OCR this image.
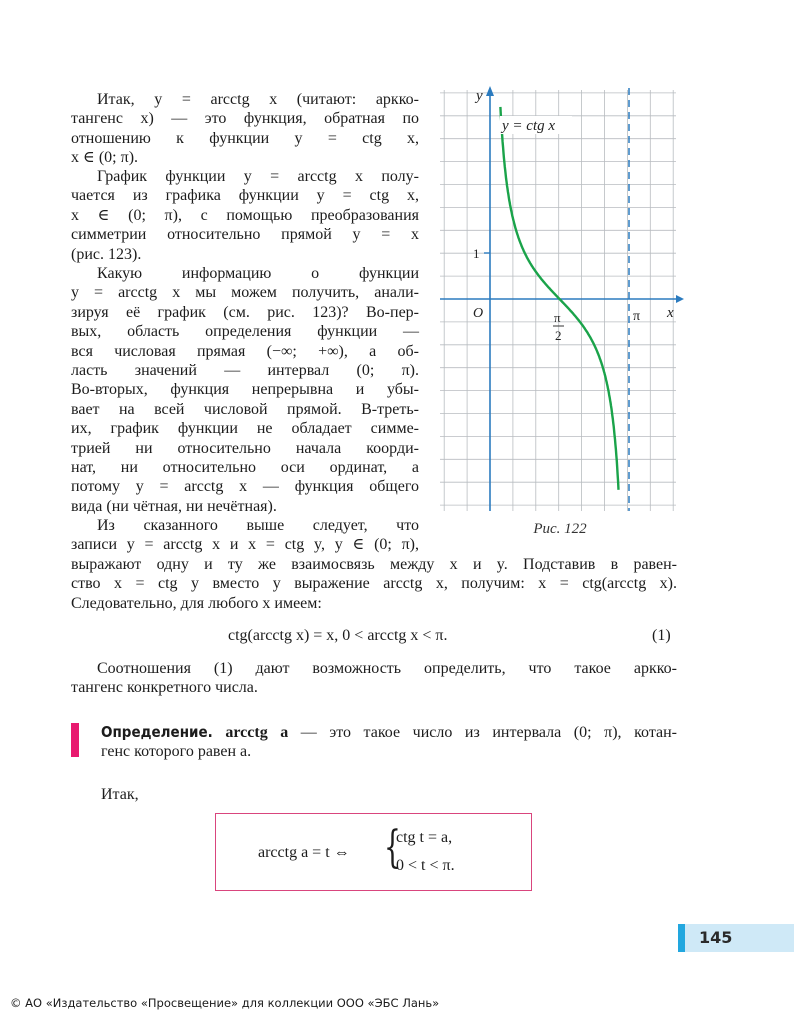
Итак, y = arcctg x (читают: аркко-
тангенс x) — это функция, обратная по
отношению к функции y = ctg x,
x ∈ (0; π).
График функции y = arcctg x полу-
чается из графика функции y = ctg x,
x ∈ (0; π), с помощью преобразования
симметрии относительно прямой y = x
(рис. 123).
Какую информацию о функции
y = arcctg x мы можем получить, анали-
зируя её график (см. рис. 123)? Во-пер-
вых, область определения функции —
вся числовая прямая (−∞; +∞), а об-
ласть значений — интервал (0; π).
Во-вторых, функция непрерывна и убы-
вает на всей числовой прямой. В-треть-
их, график функции не обладает симме-
трией ни относительно начала коорди-
нат, ни относительно оси ординат, а
потому y = arcctg x — функция общего
вида (ни чётная, ни нечётная).
Из сказанного выше следует, что
записи y = arcctg x и x = ctg y, y ∈ (0; π),
выражают одну и ту же взаимосвязь между x и y. Подставив в равен-
ство x = ctg y вместо y выражение arcctg x, получим: x = ctg(arcctg x).
Следовательно, для любого x имеем:
ctg(arcctg x) = x, 0 < arcctg x < π.	(1)
Соотношения (1) дают возможность определить, что такое аркко-
тангенс конкретного числа.
Определение. arcctg a — это такое число из интервала (0; π), котан-
генс которого равен a.
Итак,
arcctg a = t ⇔ {
ctg t = a,
0 < t < π.
y
x
O
1
π
2
π
y = ctg x
Рис. 122
145
© АО «Издательство «Просвещение» для коллекции ООО «ЭБС Лань»
